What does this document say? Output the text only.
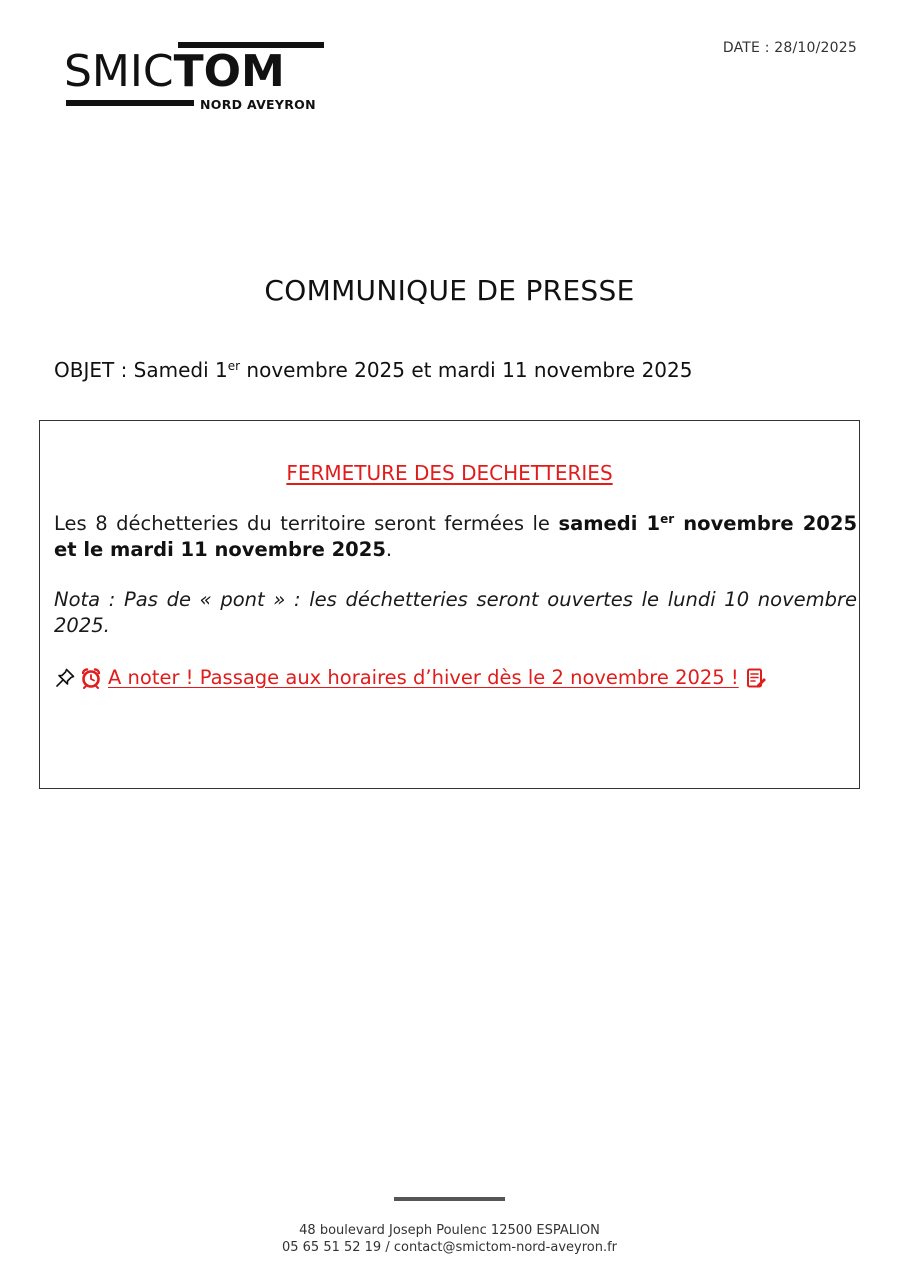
SMICTOM
NORD AVEYRON
DATE : 28/10/2025
COMMUNIQUE DE PRESSE
OBJET : Samedi 1er novembre 2025 et mardi 11 novembre 2025
FERMETURE DES DECHETTERIES
Les 8 déchetteries du territoire seront fermées le samedi 1er novembre 2025 et le mardi 11 novembre 2025.
Nota : Pas de « pont » : les déchetteries seront ouvertes le lundi 10 novembre 2025.
A noter ! Passage aux horaires d’hiver dès le 2 novembre 2025 !
48 boulevard Joseph Poulenc 12500 ESPALION
05 65 51 52 19 / contact@smictom-nord-aveyron.fr
